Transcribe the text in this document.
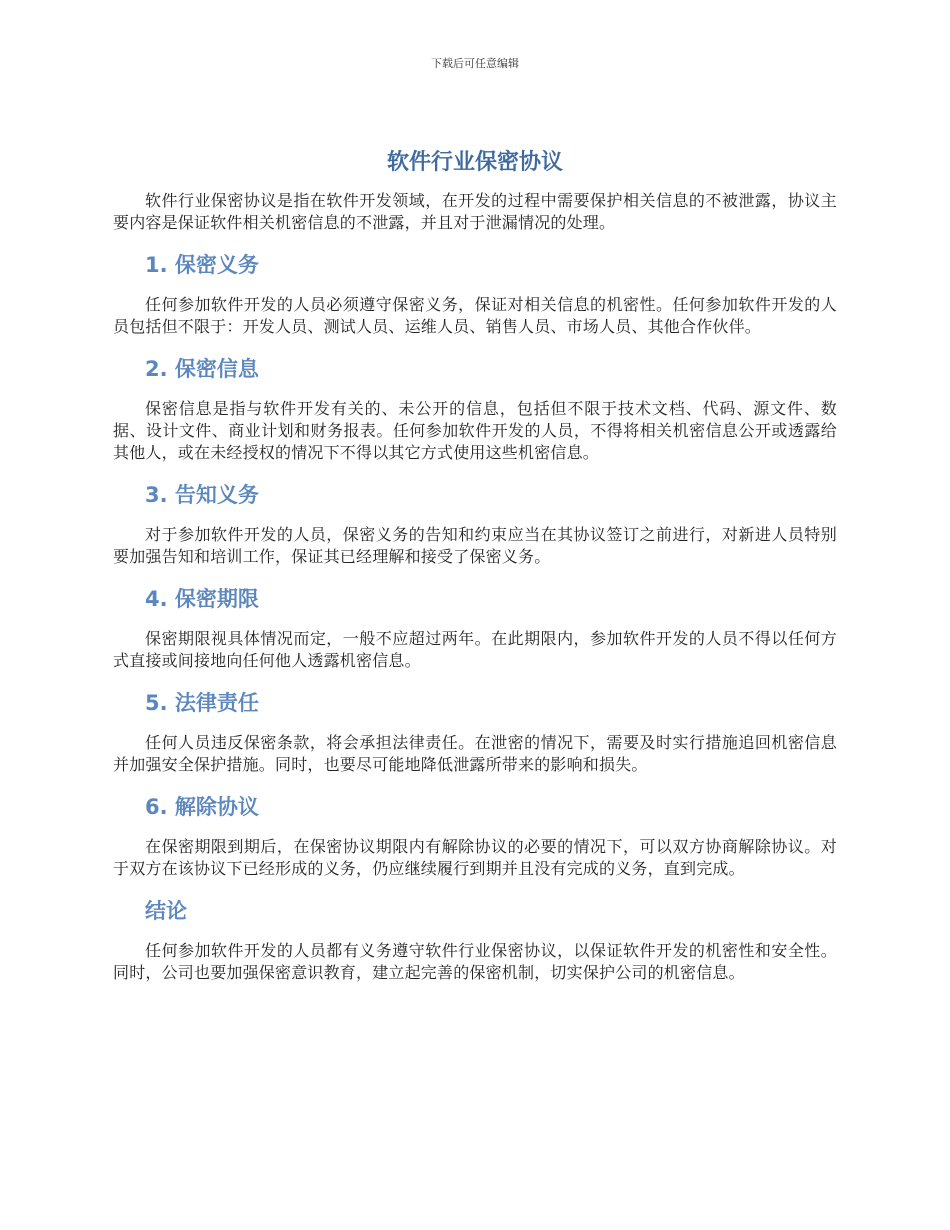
下载后可任意编辑
软件行业保密协议

软件行业保密协议是指在软件开发领域，在开发的过程中需要保护相关信息的不被泄露，协议主要内容是保证软件相关机密信息的不泄露，并且对于泄漏情况的处理。

1. 保密义务

任何参加软件开发的人员必须遵守保密义务，保证对相关信息的机密性。任何参加软件开发的人员包括但不限于：开发人员、测试人员、运维人员、销售人员、市场人员、其他合作伙伴。

2. 保密信息

保密信息是指与软件开发有关的、未公开的信息，包括但不限于技术文档、代码、源文件、数据、设计文件、商业计划和财务报表。任何参加软件开发的人员，不得将相关机密信息公开或透露给其他人，或在未经授权的情况下不得以其它方式使用这些机密信息。

3. 告知义务

对于参加软件开发的人员，保密义务的告知和约束应当在其协议签订之前进行，对新进人员特别要加强告知和培训工作，保证其已经理解和接受了保密义务。

4. 保密期限

保密期限视具体情况而定，一般不应超过两年。在此期限内，参加软件开发的人员不得以任何方式直接或间接地向任何他人透露机密信息。

5. 法律责任

任何人员违反保密条款，将会承担法律责任。在泄密的情况下，需要及时实行措施追回机密信息并加强安全保护措施。同时，也要尽可能地降低泄露所带来的影响和损失。

6. 解除协议

在保密期限到期后，在保密协议期限内有解除协议的必要的情况下，可以双方协商解除协议。对于双方在该协议下已经形成的义务，仍应继续履行到期并且没有完成的义务，直到完成。

结论

任何参加软件开发的人员都有义务遵守软件行业保密协议，以保证软件开发的机密性和安全性。同时，公司也要加强保密意识教育，建立起完善的保密机制，切实保护公司的机密信息。
